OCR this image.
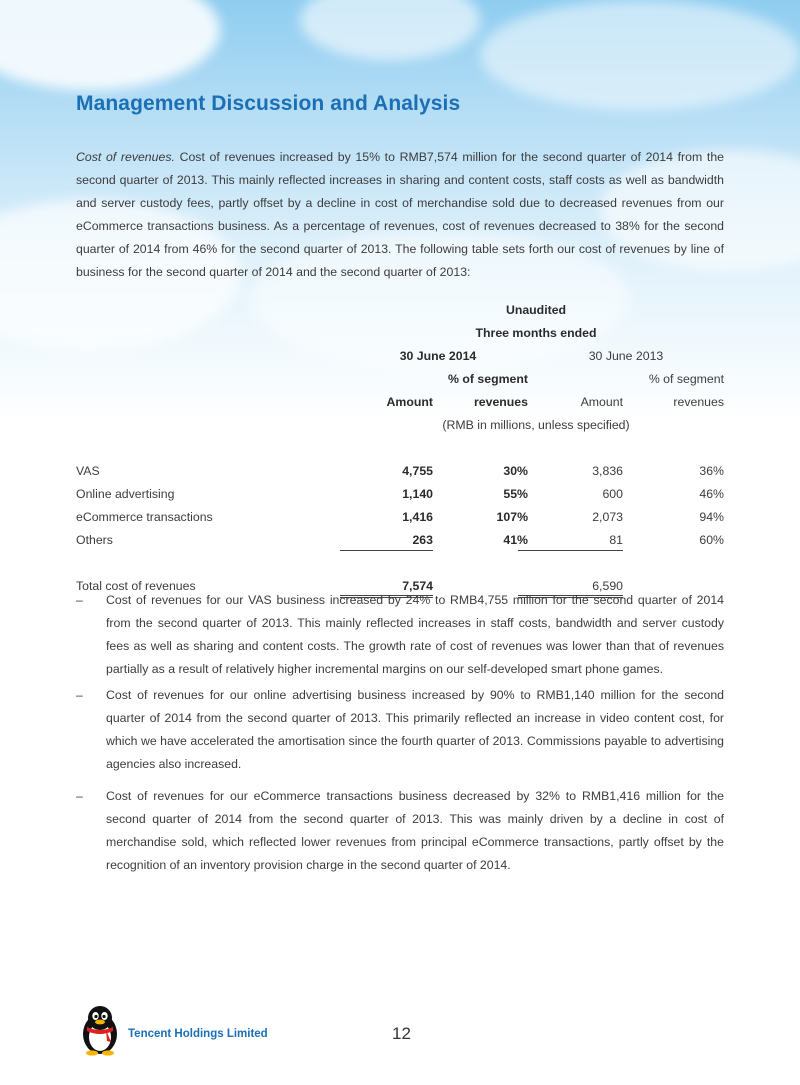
Management Discussion and Analysis

Cost of revenues. Cost of revenues increased by 15% to RMB7,574 million for the second quarter of 2014 from the second quarter of 2013. This mainly reflected increases in sharing and content costs, staff costs as well as bandwidth and server custody fees, partly offset by a decline in cost of merchandise sold due to decreased revenues from our eCommerce transactions business. As a percentage of revenues, cost of revenues decreased to 38% for the second quarter of 2014 from 46% for the second quarter of 2013. The following table sets forth our cost of revenues by line of business for the second quarter of 2014 and the second quarter of 2013:

	Unaudited			
	Three months ended			
	30 June 2014		30 June 2013	
		% of segment		% of segment
	Amount	revenues	Amount	revenues
	(RMB in millions, unless specified)			

VAS	4,755	30%	3,836	36%
Online advertising	1,140	55%	600	46%
eCommerce transactions	1,416	107%	2,073	94%
Others	263	41%	81	60%

Total cost of revenues	7,574		6,590	

–	Cost of revenues for our VAS business increased by 24% to RMB4,755 million for the second quarter of 2014 from the second quarter of 2013. This mainly reflected increases in staff costs, bandwidth and server custody fees as well as sharing and content costs. The growth rate of cost of revenues was lower than that of revenues partially as a result of relatively higher incremental margins on our self-developed smart phone games.
–	Cost of revenues for our online advertising business increased by 90% to RMB1,140 million for the second quarter of 2014 from the second quarter of 2013. This primarily reflected an increase in video content cost, for which we have accelerated the amortisation since the fourth quarter of 2013. Commissions payable to advertising agencies also increased.
–	Cost of revenues for our eCommerce transactions business decreased by 32% to RMB1,416 million for the second quarter of 2014 from the second quarter of 2013. This was mainly driven by a decline in cost of merchandise sold, which reflected lower revenues from principal eCommerce transactions, partly offset by the recognition of an inventory provision charge in the second quarter of 2014.
Tencent Holdings Limited	12
